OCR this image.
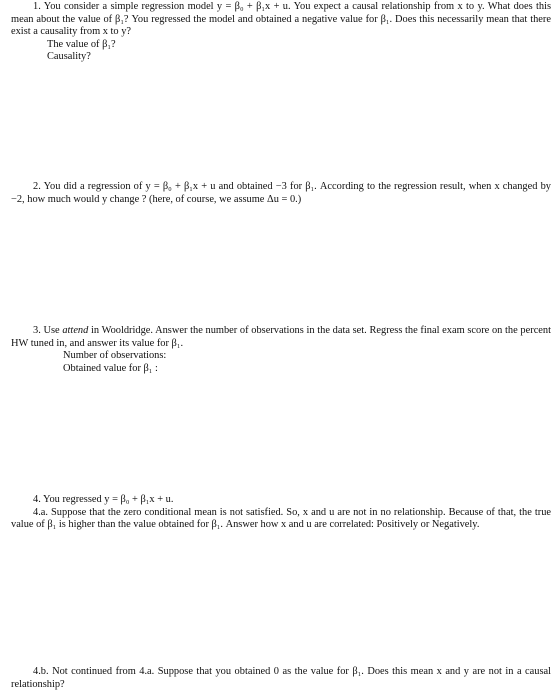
1. You consider a simple regression model y = β₀ + β₁x + u. You expect a causal relationship from x to y. What does this mean about the value of β₁? You regressed the model and obtained a negative value for β₁. Does this necessarily mean that there exist a causality from x to y?

The value of β₁?

Causality?

2. You did a regression of y = β₀ + β₁x + u and obtained −3 for β₁. According to the regression result, when x changed by −2, how much would y change ? (here, of course, we assume Δu = 0.)

3. Use attend in Wooldridge. Answer the number of observations in the data set. Regress the final exam score on the percent HW tuned in, and answer its value for β₁.

Number of observations:

Obtained value for β₁ :

4. You regressed y = β₀ + β₁x + u.

4.a. Suppose that the zero conditional mean is not satisfied. So, x and u are not in no relationship. Because of that, the true value of β₁ is higher than the value obtained for β₁. Answer how x and u are correlated: Positively or Negatively.

4.b. Not continued from 4.a. Suppose that you obtained 0 as the value for β₁. Does this mean x and y are not in a causal relationship?
